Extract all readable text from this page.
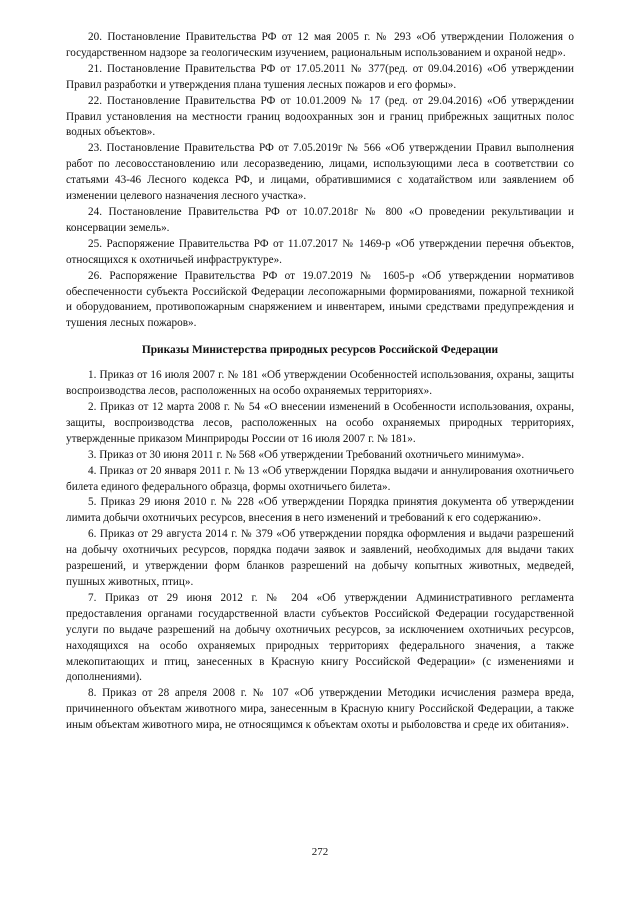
20. Постановление Правительства РФ от 12 мая 2005 г. № 293 «Об утверждении Положения о государственном надзоре за геологическим изучением, рациональным использованием и охраной недр».

21. Постановление Правительства РФ от 17.05.2011 № 377(ред. от 09.04.2016) «Об утверждении Правил разработки и утверждения плана тушения лесных пожаров и его формы».

22. Постановление Правительства РФ от 10.01.2009 № 17 (ред. от 29.04.2016) «Об утверждении Правил установления на местности границ водоохранных зон и границ прибрежных защитных полос водных объектов».

23. Постановление Правительства РФ от 7.05.2019г № 566 «Об утверждении Правил выполнения работ по лесовосстановлению или лесоразведению, лицами, использующими леса в соответствии со статьями 43-46 Лесного кодекса РФ, и лицами, обратившимися с ходатайством или заявлением об изменении целевого назначения лесного участка».

24. Постановление Правительства РФ от 10.07.2018г № 800 «О проведении рекультивации и консервации земель».

25. Распоряжение Правительства РФ от 11.07.2017 № 1469-р «Об утверждении перечня объектов, относящихся к охотничьей инфраструктуре».

26. Распоряжение Правительства РФ от 19.07.2019 № 1605-р «Об утверждении нормативов обеспеченности субъекта Российской Федерации лесопожарными формированиями, пожарной техникой и оборудованием, противопожарным снаряжением и инвентарем, иными средствами предупреждения и тушения лесных пожаров».

Приказы Министерства природных ресурсов Российской Федерации

1. Приказ от 16 июля 2007 г. № 181 «Об утверждении Особенностей использования, охраны, защиты воспроизводства лесов, расположенных на особо охраняемых территориях».

2. Приказ от 12 марта 2008 г. № 54 «О внесении изменений в Особенности использования, охраны, защиты, воспроизводства лесов, расположенных на особо охраняемых природных территориях, утвержденные приказом Минприроды России от 16 июля 2007 г. № 181».

3. Приказ от 30 июня 2011 г. № 568 «Об утверждении Требований охотничьего минимума».

4. Приказ от 20 января 2011 г. № 13 «Об утверждении Порядка выдачи и аннулирования охотничьего билета единого федерального образца, формы охотничьего билета».

5. Приказ 29 июня 2010 г. № 228 «Об утверждении Порядка принятия документа об утверждении лимита добычи охотничьих ресурсов, внесения в него изменений и требований к его содержанию».

6. Приказ от 29 августа 2014 г. № 379 «Об утверждении порядка оформления и выдачи разрешений на добычу охотничьих ресурсов, порядка подачи заявок и заявлений, необходимых для выдачи таких разрешений, и утверждении форм бланков разрешений на добычу копытных животных, медведей, пушных животных, птиц».

7. Приказ от 29 июня 2012 г. № 204 «Об утверждении Административного регламента предоставления органами государственной власти субъектов Российской Федерации государственной услуги по выдаче разрешений на добычу охотничьих ресурсов, за исключением охотничьих ресурсов, находящихся на особо охраняемых природных территориях федерального значения, а также млекопитающих и птиц, занесенных в Красную книгу Российской Федерации» (с изменениями и дополнениями).

8. Приказ от 28 апреля 2008 г. № 107 «Об утверждении Методики исчисления размера вреда, причиненного объектам животного мира, занесенным в Красную книгу Российской Федерации, а также иным объектам животного мира, не относящимся к объектам охоты и рыболовства и среде их обитания».

272
